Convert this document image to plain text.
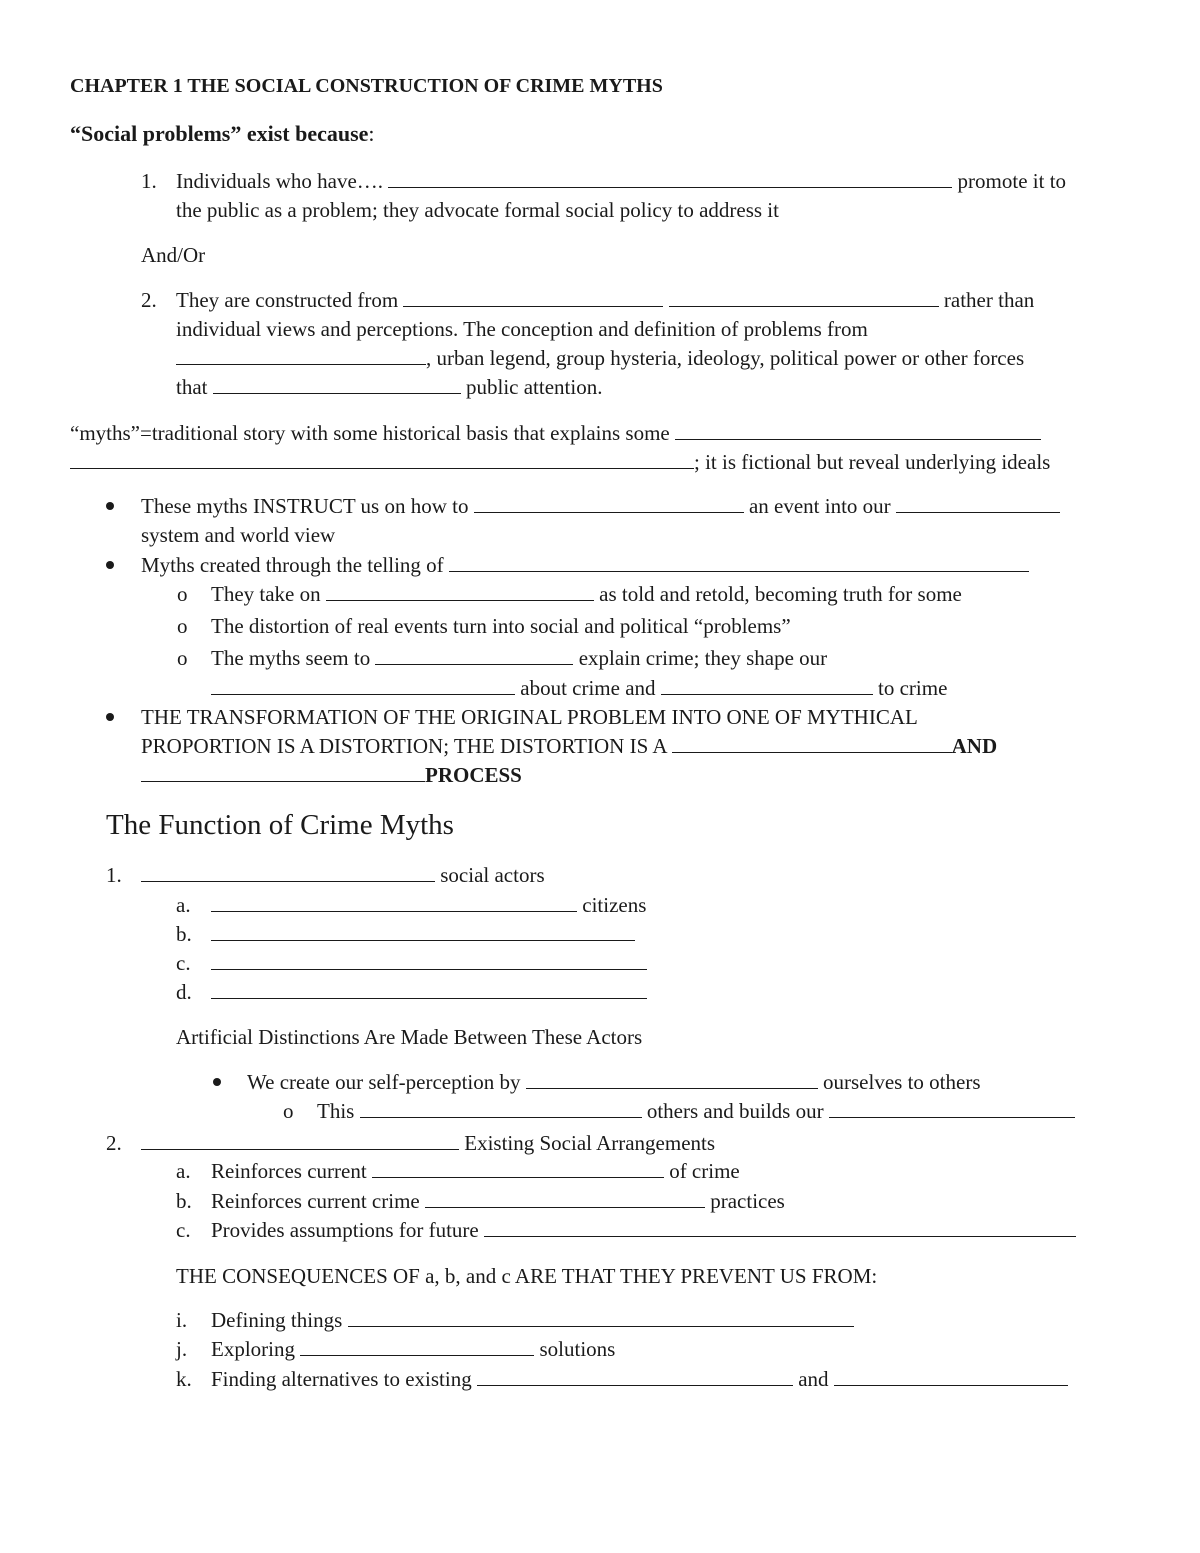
CHAPTER 1 THE SOCIAL CONSTRUCTION OF CRIME MYTHS
“Social problems” exist because:
1. Individuals who have….	promote it to
the public as a problem; they advocate formal social policy to address it
And/Or
2. They are constructed from	rather than
individual views and perceptions. The conception and definition of problems from
, urban legend, group hysteria, ideology, political power or other forces
that	public attention.
“myths”=traditional story with some historical basis that explains some
; it is fictional but reveal underlying ideals
These myths INSTRUCT us on how to	an event into our
system and world view
Myths created through the telling of
o They take on	as told and retold, becoming truth for some
o The distortion of real events turn into social and political “problems”
o The myths seem to	explain crime; they shape our
about crime and	to crime
THE TRANSFORMATION OF THE ORIGINAL PROBLEM INTO ONE OF MYTHICAL
PROPORTION IS A DISTORTION; THE DISTORTION IS A	AND
PROCESS
The Function of Crime Myths
1.	social actors
a.	citizens
b.
c.
d.
Artificial Distinctions Are Made Between These Actors
We create our self-perception by	ourselves to others
o This	others and builds our
2.	Existing Social Arrangements
a. Reinforces current	of crime
b. Reinforces current crime	practices
c. Provides assumptions for future
THE CONSEQUENCES OF a, b, and c ARE THAT THEY PREVENT US FROM:
i. Defining things
j. Exploring	solutions
k. Finding alternatives to existing	and
